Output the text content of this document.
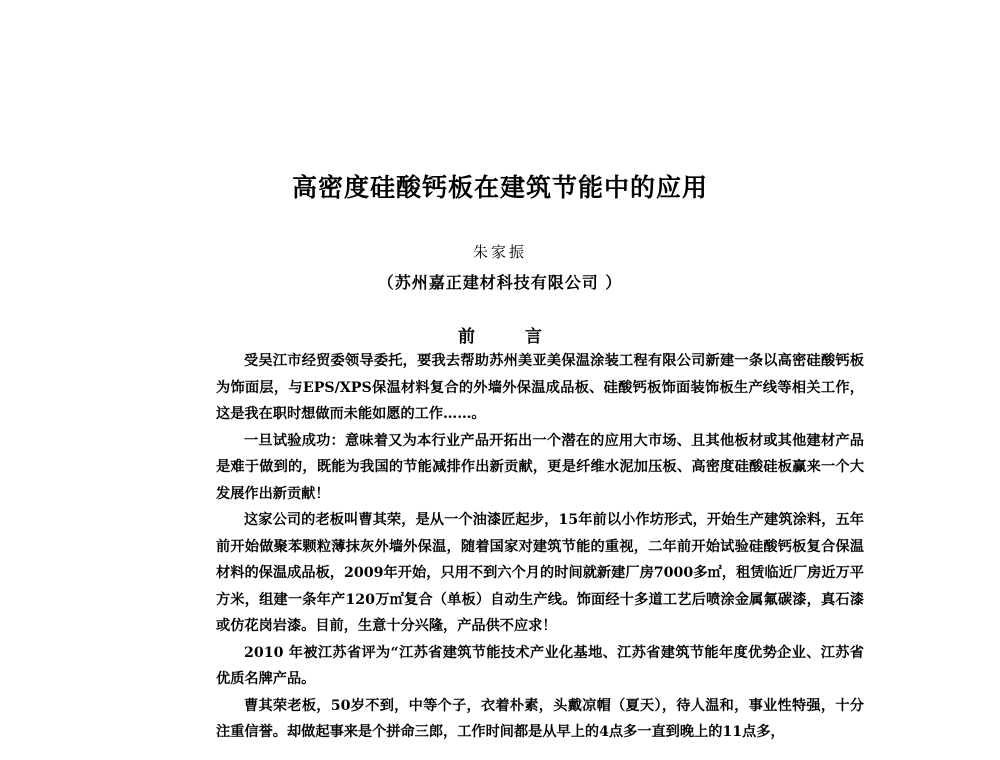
高密度硅酸钙板在建筑节能中的应用
朱家振
（苏州嘉正建材科技有限公司 ）
前 言

受吴江市经贸委领导委托，要我去帮助苏州美亚美保温涂装工程有限公司新建一条以高密硅酸钙板为饰面层，与EPS/XPS保温材料复合的外墙外保温成品板、硅酸钙板饰面装饰板生产线等相关工作，这是我在职时想做而未能如愿的工作……。

一旦试验成功：意味着又为本行业产品开拓出一个潜在的应用大市场、且其他板材或其他建材产品是难于做到的，既能为我国的节能减排作出新贡献，更是纤维水泥加压板、高密度硅酸硅板赢来一个大发展作出新贡献！

这家公司的老板叫曹其荣，是从一个油漆匠起步，15年前以小作坊形式，开始生产建筑涂料，五年前开始做聚苯颗粒薄抹灰外墙外保温，随着国家对建筑节能的重视，二年前开始试验硅酸钙板复合保温材料的保温成品板，2009年开始，只用不到六个月的时间就新建厂房7000多㎡，租赁临近厂房近万平方米，组建一条年产120万㎡复合（单板）自动生产线。饰面经十多道工艺后喷涂金属氟碳漆，真石漆或仿花岗岩漆。目前，生意十分兴隆，产品供不应求！

2010 年被江苏省评为“江苏省建筑节能技术产业化基地、江苏省建筑节能年度优势企业、江苏省优质名牌产品。

曹其荣老板，50岁不到，中等个子，衣着朴素，头戴凉帽（夏天），待人温和，事业性特强，十分注重信誉。却做起事来是个拼命三郎，工作时间都是从早上的4点多一直到晚上的11点多，
